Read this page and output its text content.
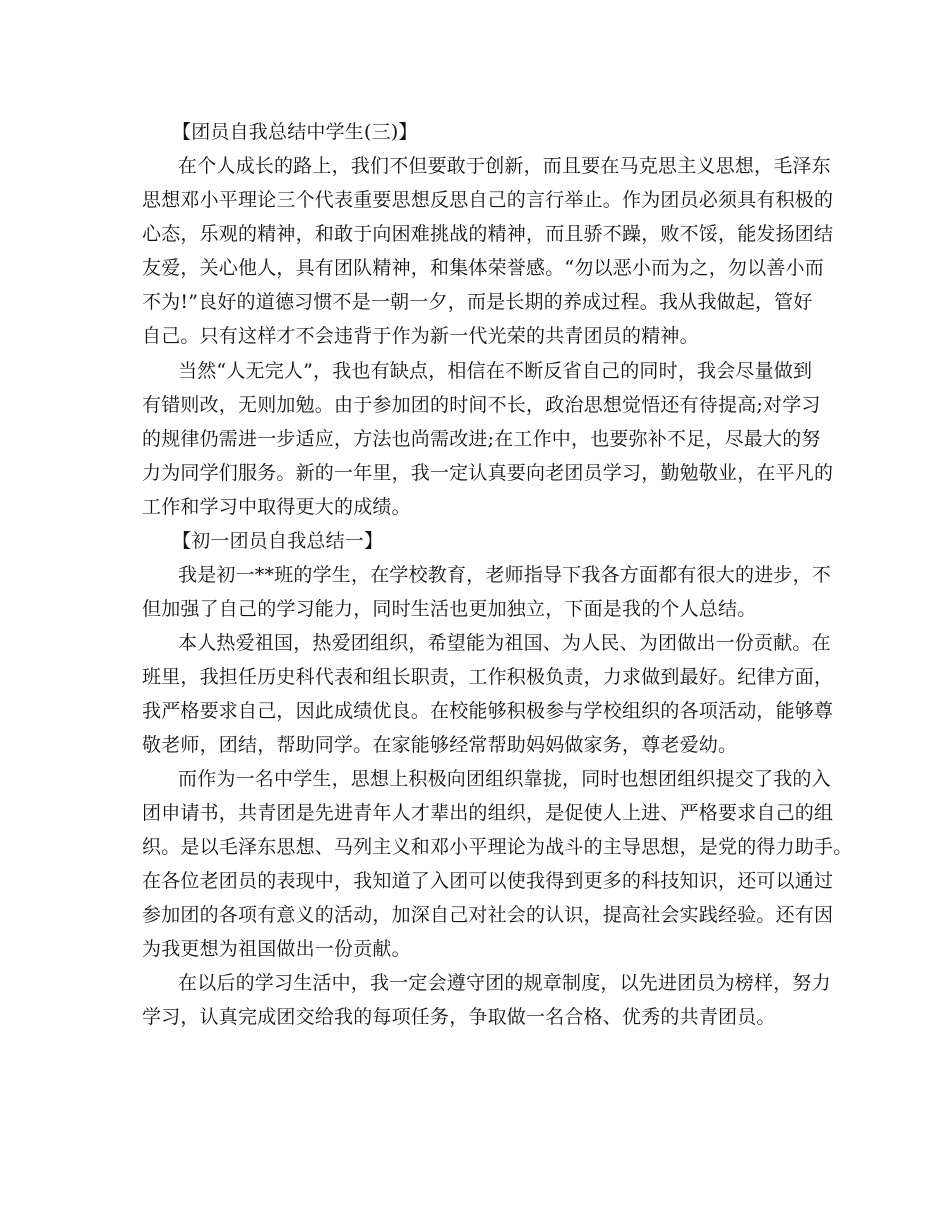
【团员自我总结中学生(三)】
在个人成长的路上，我们不但要敢于创新，而且要在马克思主义思想，毛泽东
思想邓小平理论三个代表重要思想反思自己的言行举止。作为团员必须具有积极的
心态，乐观的精神，和敢于向困难挑战的精神，而且骄不躁，败不馁，能发扬团结
友爱，关心他人，具有团队精神，和集体荣誉感。“勿以恶小而为之，勿以善小而
不为!”良好的道德习惯不是一朝一夕，而是长期的养成过程。我从我做起，管好
自己。只有这样才不会违背于作为新一代光荣的共青团员的精神。
当然“人无完人”，我也有缺点，相信在不断反省自己的同时，我会尽量做到
有错则改，无则加勉。由于参加团的时间不长，政治思想觉悟还有待提高;对学习
的规律仍需进一步适应，方法也尚需改进;在工作中，也要弥补不足，尽最大的努
力为同学们服务。新的一年里，我一定认真要向老团员学习，勤勉敬业，在平凡的
工作和学习中取得更大的成绩。
【初一团员自我总结一】
我是初一**班的学生，在学校教育，老师指导下我各方面都有很大的进步，不
但加强了自己的学习能力，同时生活也更加独立，下面是我的个人总结。
本人热爱祖国，热爱团组织，希望能为祖国、为人民、为团做出一份贡献。在
班里，我担任历史科代表和组长职责，工作积极负责，力求做到最好。纪律方面，
我严格要求自己，因此成绩优良。在校能够积极参与学校组织的各项活动，能够尊
敬老师，团结，帮助同学。在家能够经常帮助妈妈做家务，尊老爱幼。
而作为一名中学生，思想上积极向团组织靠拢，同时也想团组织提交了我的入
团申请书，共青团是先进青年人才辈出的组织，是促使人上进、严格要求自己的组
织。是以毛泽东思想、马列主义和邓小平理论为战斗的主导思想，是党的得力助手。
在各位老团员的表现中，我知道了入团可以使我得到更多的科技知识，还可以通过
参加团的各项有意义的活动，加深自己对社会的认识，提高社会实践经验。还有因
为我更想为祖国做出一份贡献。
在以后的学习生活中，我一定会遵守团的规章制度，以先进团员为榜样，努力
学习，认真完成团交给我的每项任务，争取做一名合格、优秀的共青团员。
